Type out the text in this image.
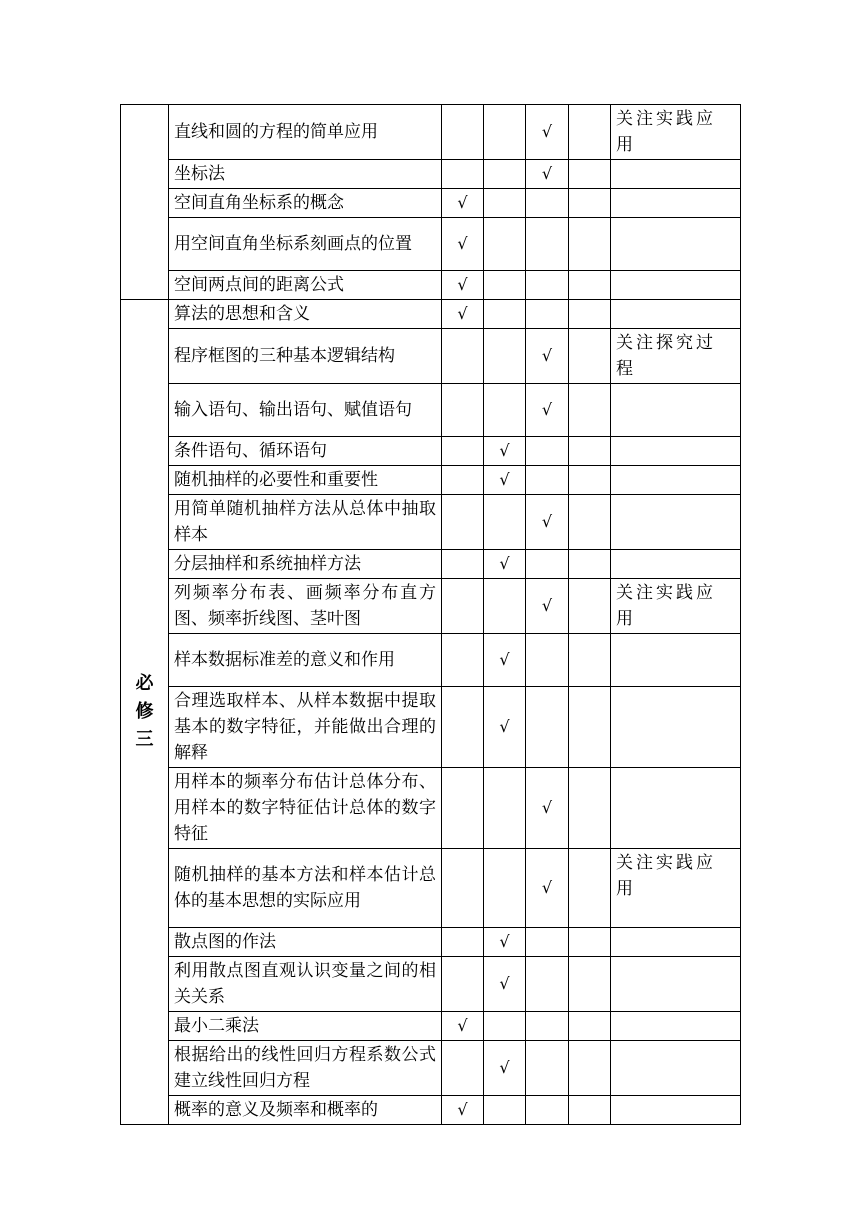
	直线和圆的方程的简单应用			√		关注实践应用
	坐标法			√		
	空间直角坐标系的概念	√				
	用空间直角坐标系刻画点的位置	√				
	空间两点间的距离公式	√				
必修三	算法的思想和含义	√				
	程序框图的三种基本逻辑结构			√		关注探究过程
	输入语句、输出语句、赋值语句			√		
	条件语句、循环语句		√			
	随机抽样的必要性和重要性		√			
	用简单随机抽样方法从总体中抽取样本			√		
	分层抽样和系统抽样方法		√			
	列频率分布表、画频率分布直方图、频率折线图、茎叶图			√		关注实践应用
	样本数据标准差的意义和作用		√			
	合理选取样本、从样本数据中提取基本的数字特征，并能做出合理的解释		√			
	用样本的频率分布估计总体分布、用样本的数字特征估计总体的数字特征			√		
	随机抽样的基本方法和样本估计总体的基本思想的实际应用			√		关注实践应用
	散点图的作法		√			
	利用散点图直观认识变量之间的相关关系		√			
	最小二乘法	√				
	根据给出的线性回归方程系数公式建立线性回归方程		√			
	概率的意义及频率和概率的	√				
